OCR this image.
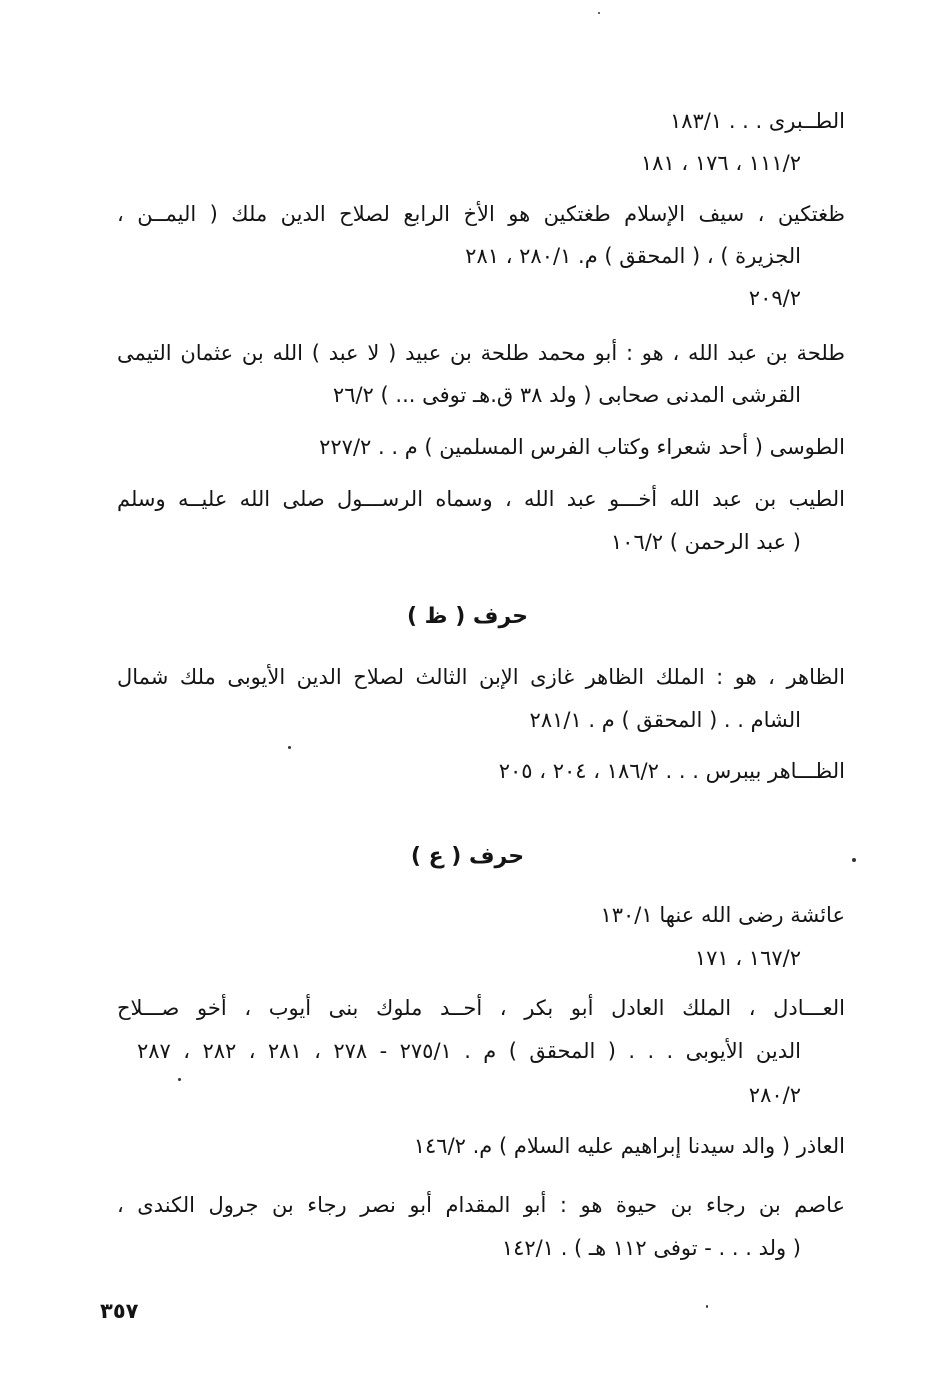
الطــبرى . . . ١٨٣/١
١١١/٢ ، ١٧٦ ، ١٨١
ظغتكين ، سيف الإسلام طغتكين هو الأخ الرابع لصلاح الدين ملك ( اليمــن ،
الجزيرة ) ، ( المحقق ) م. ٢٨٠/١ ، ٢٨١
٢٠٩/٢
طلحة بن عبد الله ، هو : أبو محمد طلحة بن عبيد ( لا عبد ) الله بن عثمان التيمى
القرشى المدنى صحابى ( ولد ٣٨ ق.هـ توفى ... ) ٢٦/٢
الطوسى ( أحد شعراء وكتاب الفرس المسلمين ) م . . ٢٢٧/٢
الطيب بن عبد الله أخـــو عبد الله ، وسماه الرســـول صلى الله عليــه وسلم
( عبد الرحمن ) ١٠٦/٢
حرف ( ظ )
الظاهر ، هو : الملك الظاهر غازى الإبن الثالث لصلاح الدين الأيوبى ملك شمال
الشام . . ( المحقق ) م . ٢٨١/١
الظـــاهر بيبرس . . . ١٨٦/٢ ، ٢٠٤ ، ٢٠٥
حرف ( ع )
عائشة رضى الله عنها ١٣٠/١
١٦٧/٢ ، ١٧١
العـــادل ، الملك العادل أبو بكر ، أحــد ملوك بنى أيوب ، أخو صـــلاح
الدين الأيوبى . . . ( المحقق ) م . ٢٧٥/١ - ٢٧٨ ، ٢٨١ ، ٢٨٢ ، ٢٨٧
٢٨٠/٢
العاذر ( والد سيدنا إبراهيم عليه السلام ) م. ١٤٦/٢
عاصم بن رجاء بن حيوة هو : أبو المقدام أبو نصر رجاء بن جرول الكندى ،
( ولد . . . - توفى ١١٢ هـ ) . ١٤٢/١
٣٥٧
